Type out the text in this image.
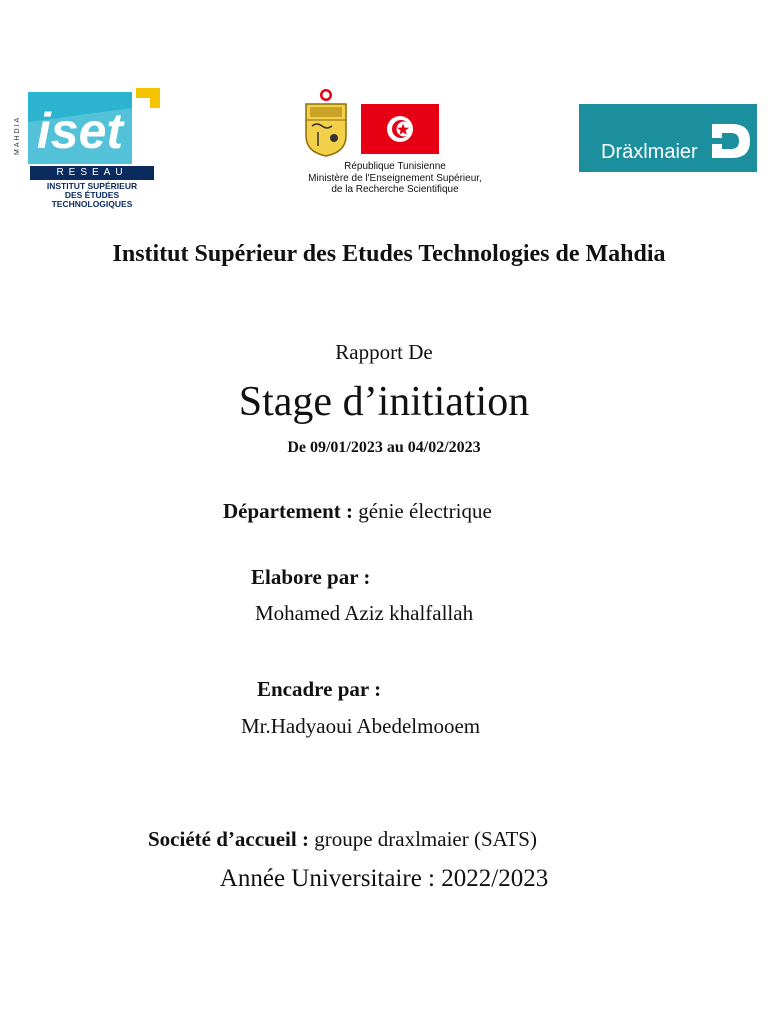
iset
MAHDIA
RESEAU
INSTITUT SUPÉRIEUR
DES ÉTUDES
TECHNOLOGIQUES
République Tunisienne
Ministère de l'Enseignement Supérieur,
de la Recherche Scientifique
Dräxlmaier
Institut Supérieur des Etudes Technologies de Mahdia
Rapport De
Stage d’initiation
De 09/01/2023 au 04/02/2023
Département : génie électrique
Elabore par :
Mohamed Aziz khalfallah
Encadre par :
Mr.Hadyaoui Abedelmooem
Société d’accueil : groupe draxlmaier (SATS)
Année Universitaire : 2022/2023
